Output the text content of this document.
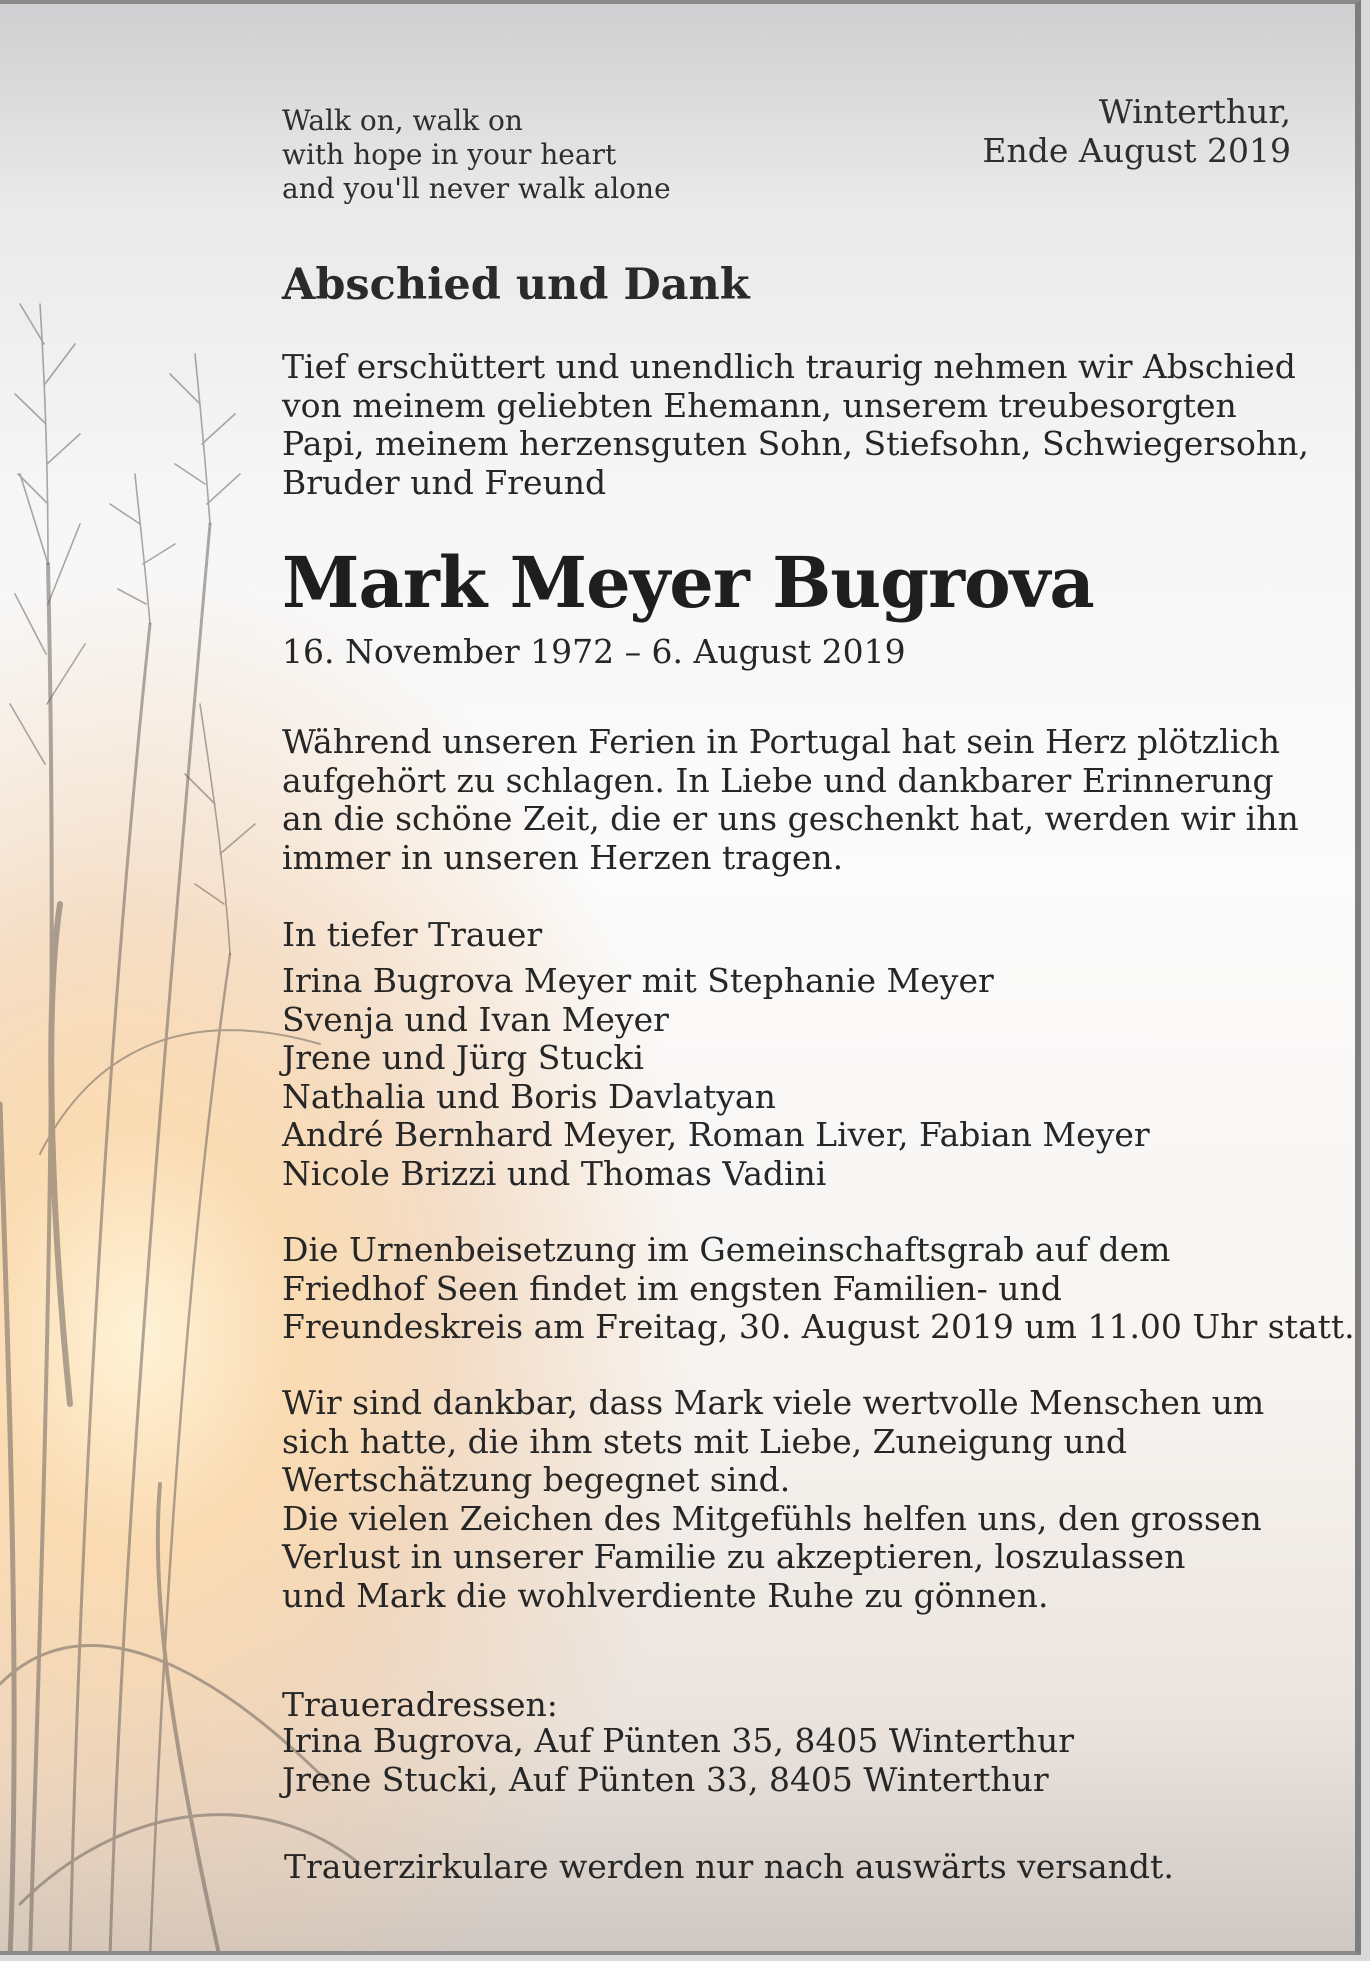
Walk on, walk on
with hope in your heart
and you'll never walk alone
Winterthur,
Ende August 2019
Abschied und Dank
Tief erschüttert und unendlich traurig nehmen wir Abschied
von meinem geliebten Ehemann, unserem treubesorgten
Papi, meinem herzensguten Sohn, Stiefsohn, Schwiegersohn,
Bruder und Freund
Mark Meyer Bugrova
16. November 1972 – 6. August 2019
Während unseren Ferien in Portugal hat sein Herz plötzlich
aufgehört zu schlagen. In Liebe und dankbarer Erinnerung
an die schöne Zeit, die er uns geschenkt hat, werden wir ihn
immer in unseren Herzen tragen.
In tiefer Trauer
Irina Bugrova Meyer mit Stephanie Meyer
Svenja und Ivan Meyer
Jrene und Jürg Stucki
Nathalia und Boris Davlatyan
André Bernhard Meyer, Roman Liver, Fabian Meyer
Nicole Brizzi und Thomas Vadini
Die Urnenbeisetzung im Gemeinschaftsgrab auf dem
Friedhof Seen findet im engsten Familien- und
Freundeskreis am Freitag, 30. August 2019 um 11.00 Uhr statt.
Wir sind dankbar, dass Mark viele wertvolle Menschen um
sich hatte, die ihm stets mit Liebe, Zuneigung und
Wertschätzung begegnet sind.
Die vielen Zeichen des Mitgefühls helfen uns, den grossen
Verlust in unserer Familie zu akzeptieren, loszulassen
und Mark die wohlverdiente Ruhe zu gönnen.
Traueradressen:
Irina Bugrova, Auf Pünten 35, 8405 Winterthur
Jrene Stucki, Auf Pünten 33, 8405 Winterthur
Trauerzirkulare werden nur nach auswärts versandt.
